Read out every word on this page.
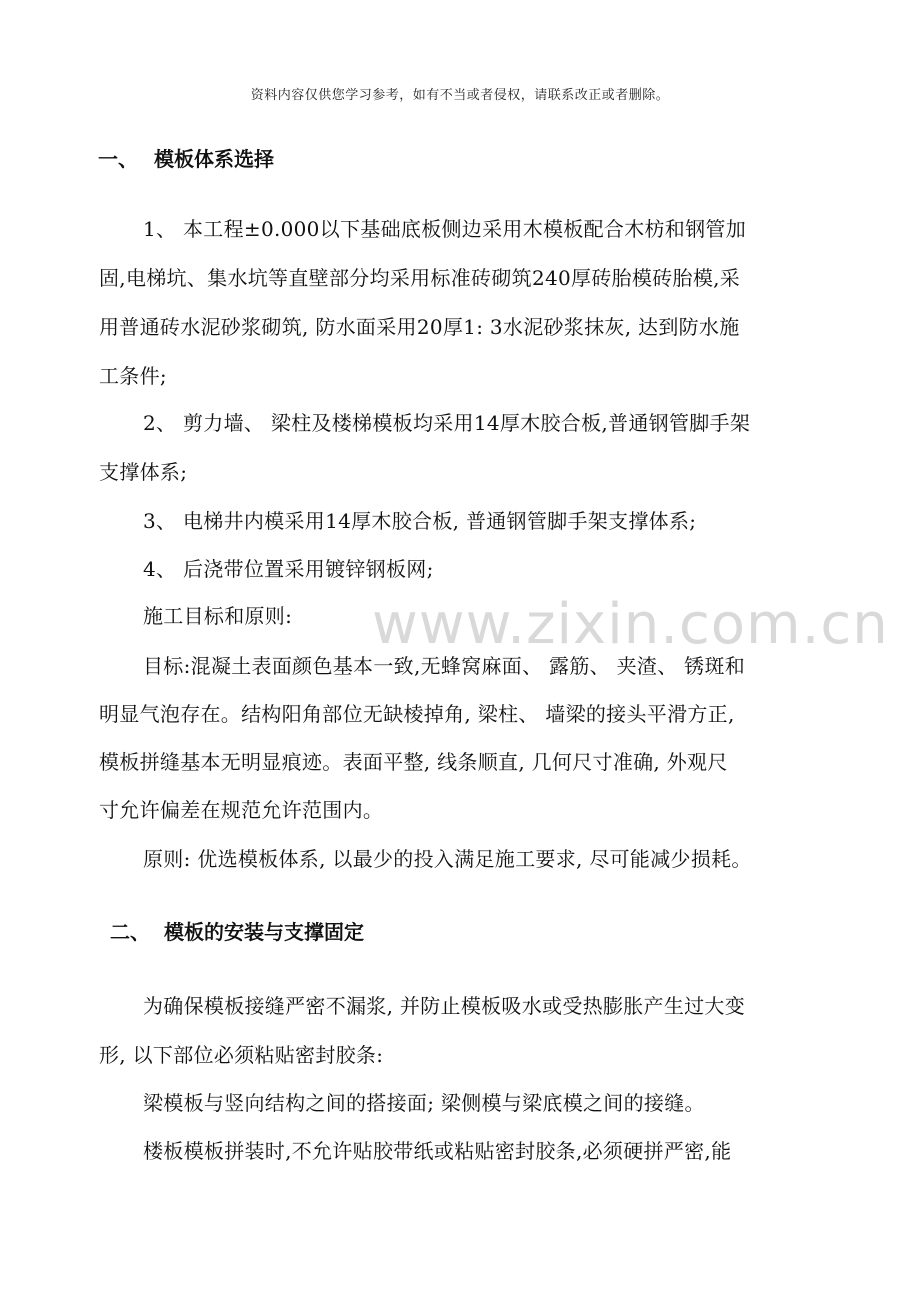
www.zixin.com.cn
资料内容仅供您学习参考，如有不当或者侵权，请联系改正或者删除。
一、 模板体系选择
1、 本工程±0.000以下基础底板侧边采用木模板配合木枋和钢管加
固,电梯坑、集水坑等直壁部分均采用标准砖砌筑240厚砖胎模砖胎模,采
用普通砖水泥砂浆砌筑, 防水面采用20厚1: 3水泥砂浆抹灰, 达到防水施
工条件;
2、 剪力墙、 梁柱及楼梯模板均采用14厚木胶合板,普通钢管脚手架
支撑体系;
3、 电梯井内模采用14厚木胶合板, 普通钢管脚手架支撑体系;
4、 后浇带位置采用镀锌钢板网;
施工目标和原则:
目标:混凝土表面颜色基本一致,无蜂窝麻面、 露筋、 夹渣、 锈斑和
明显气泡存在。结构阳角部位无缺棱掉角, 梁柱、 墙梁的接头平滑方正,
模板拼缝基本无明显痕迹。表面平整, 线条顺直, 几何尺寸准确, 外观尺
寸允许偏差在规范允许范围内。
原则: 优选模板体系, 以最少的投入满足施工要求, 尽可能减少损耗。
二、 模板的安装与支撑固定
为确保模板接缝严密不漏浆, 并防止模板吸水或受热膨胀产生过大变
形, 以下部位必须粘贴密封胶条:
梁模板与竖向结构之间的搭接面; 梁侧模与梁底模之间的接缝。
楼板模板拼装时,不允许贴胶带纸或粘贴密封胶条,必须硬拼严密,能
